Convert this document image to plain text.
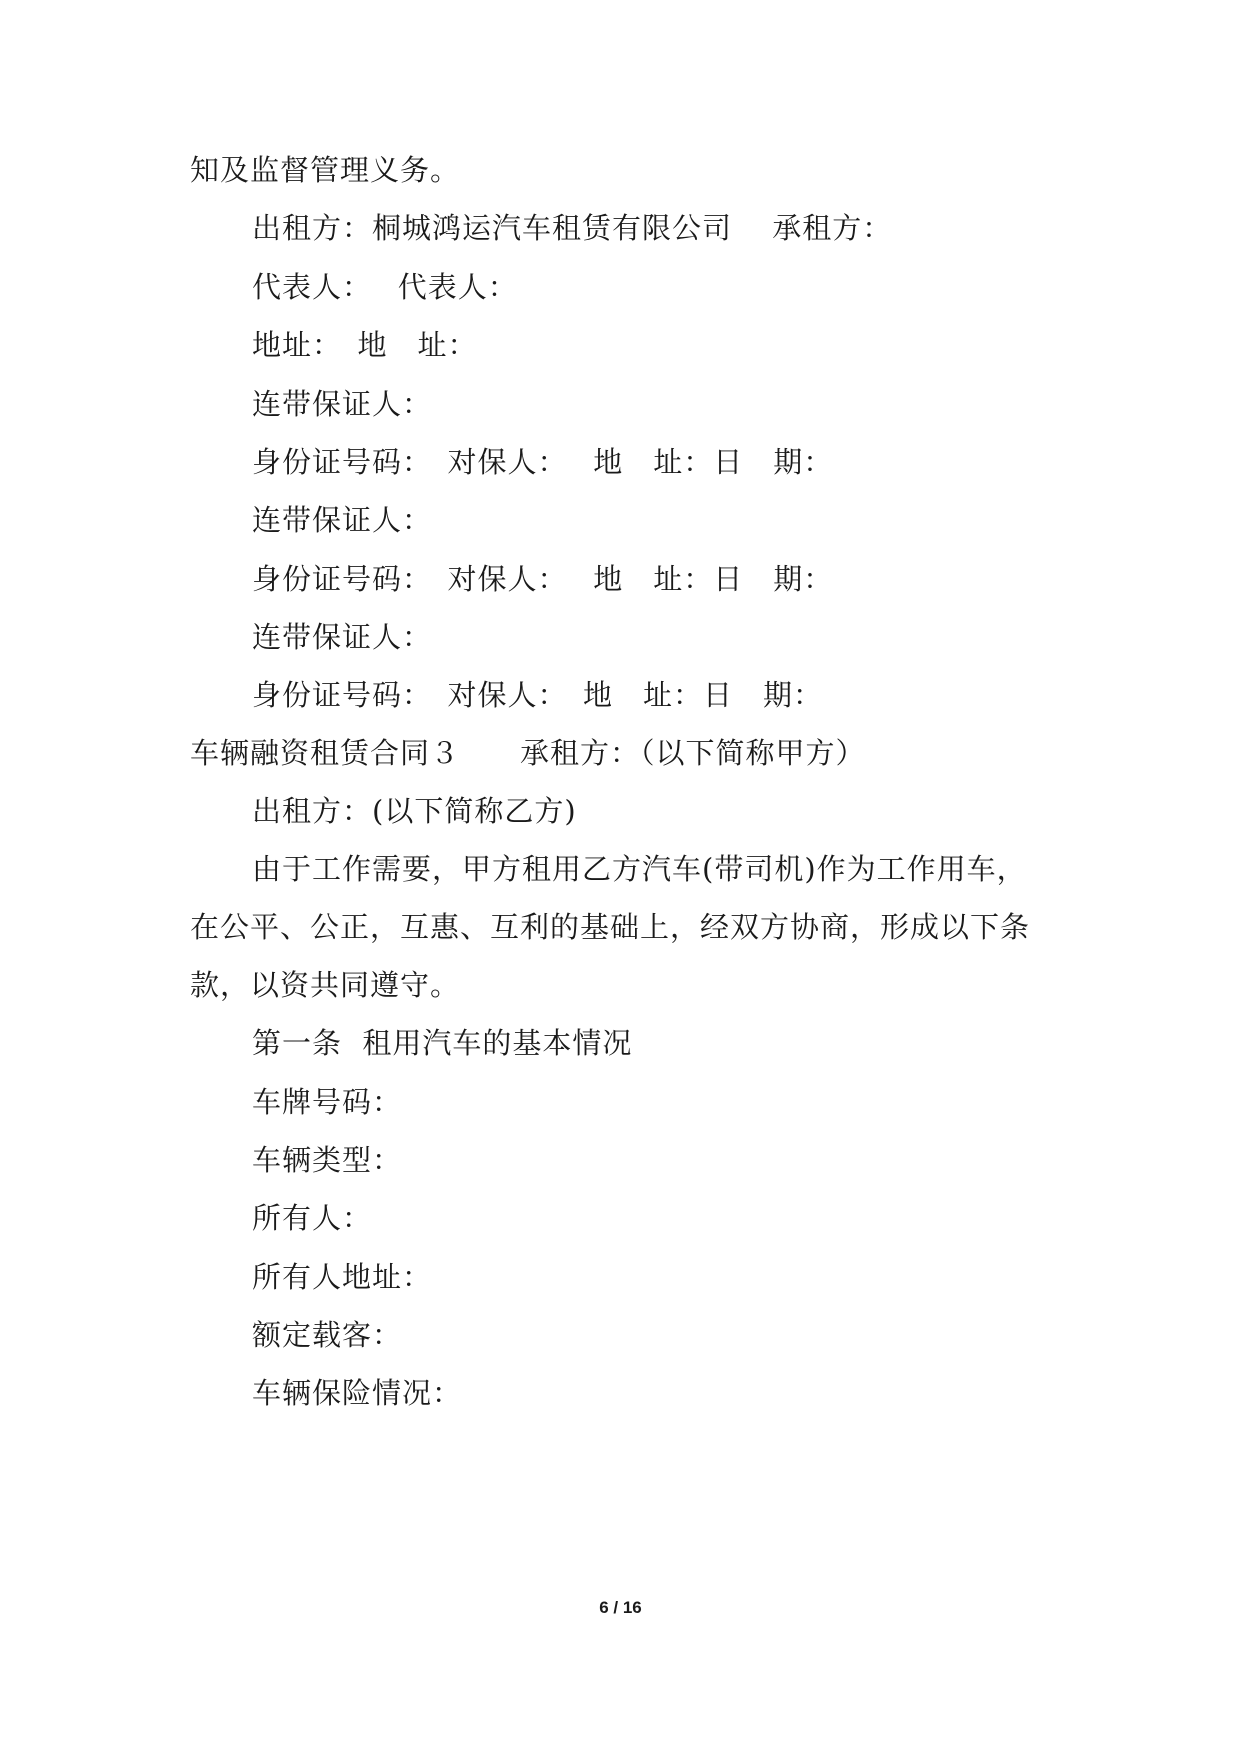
知及监督管理义务。
出租方：桐城鸿运汽车租赁有限公司　 承租方：
代表人：　 代表人：
地址：　地　址：
连带保证人：
身份证号码：　对保人：　 地　址：日　期：
连带保证人：
身份证号码：　对保人：　 地　址：日　期：
连带保证人：
身份证号码：　对保人：　地　址：日　期：
车辆融资租赁合同３　　承租方：（以下简称甲方）
出租方：(以下简称乙方)
由于工作需要，甲方租用乙方汽车(带司机)作为工作用车，
在公平、公正，互惠、互利的基础上，经双方协商，形成以下条
款，以资共同遵守。
第一条  租用汽车的基本情况
车牌号码：
车辆类型：
所有人：
所有人地址：
额定载客：
车辆保险情况：
6 / 16
